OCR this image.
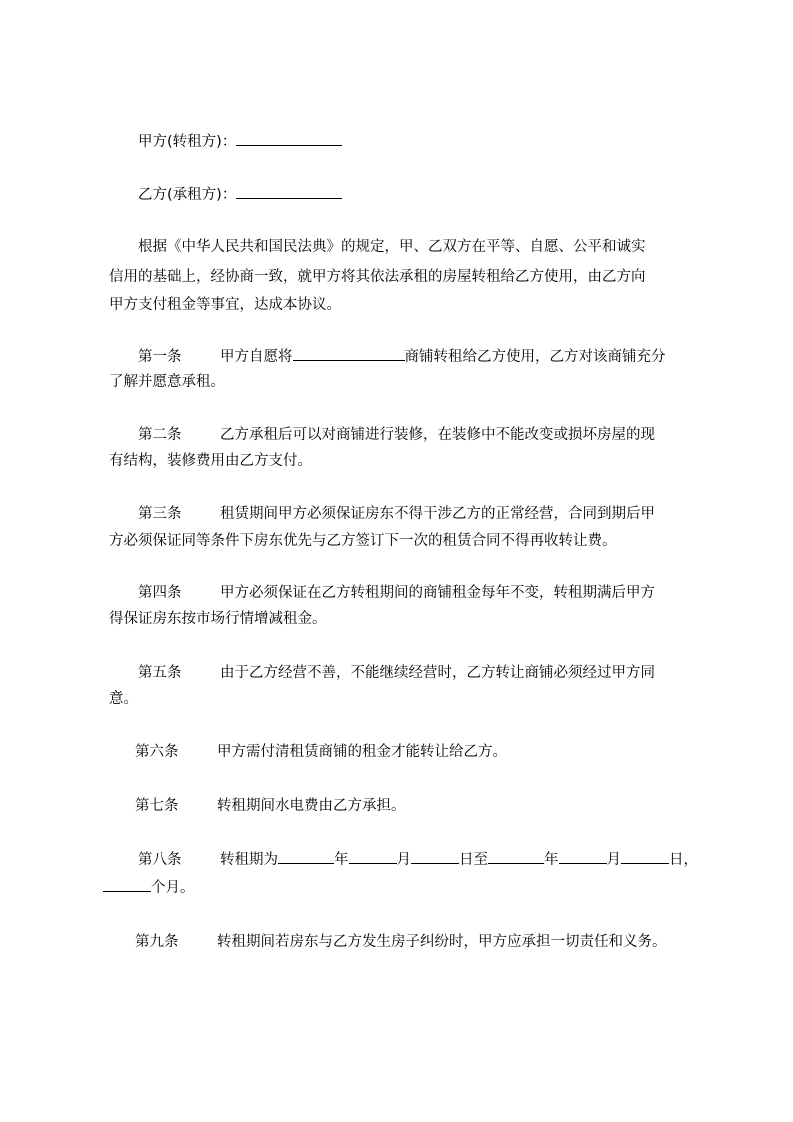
甲方(转租方)：
乙方(承租方)：
根据《中华人民共和国民法典》的规定，甲、乙双方在平等、自愿、公平和诚实
信用的基础上，经协商一致，就甲方将其依法承租的房屋转租给乙方使用，由乙方向
甲方支付租金等事宜，达成本协议。
第一条	甲方自愿将	商铺转租给乙方使用，乙方对该商铺充分
了解并愿意承租。
第二条	乙方承租后可以对商铺进行装修，在装修中不能改变或损坏房屋的现
有结构，装修费用由乙方支付。
第三条	租赁期间甲方必须保证房东不得干涉乙方的正常经营，合同到期后甲
方必须保证同等条件下房东优先与乙方签订下一次的租赁合同不得再收转让费。
第四条	甲方必须保证在乙方转租期间的商铺租金每年不变，转租期满后甲方
得保证房东按市场行情增减租金。
第五条	由于乙方经营不善，不能继续经营时，乙方转让商铺必须经过甲方同
意。
第六条	甲方需付清租赁商铺的租金才能转让给乙方。
第七条	转租期间水电费由乙方承担。
第八条	转租期为	年	月	日至	年	月	日，
个月。
第九条	转租期间若房东与乙方发生房子纠纷时，甲方应承担一切责任和义务。
